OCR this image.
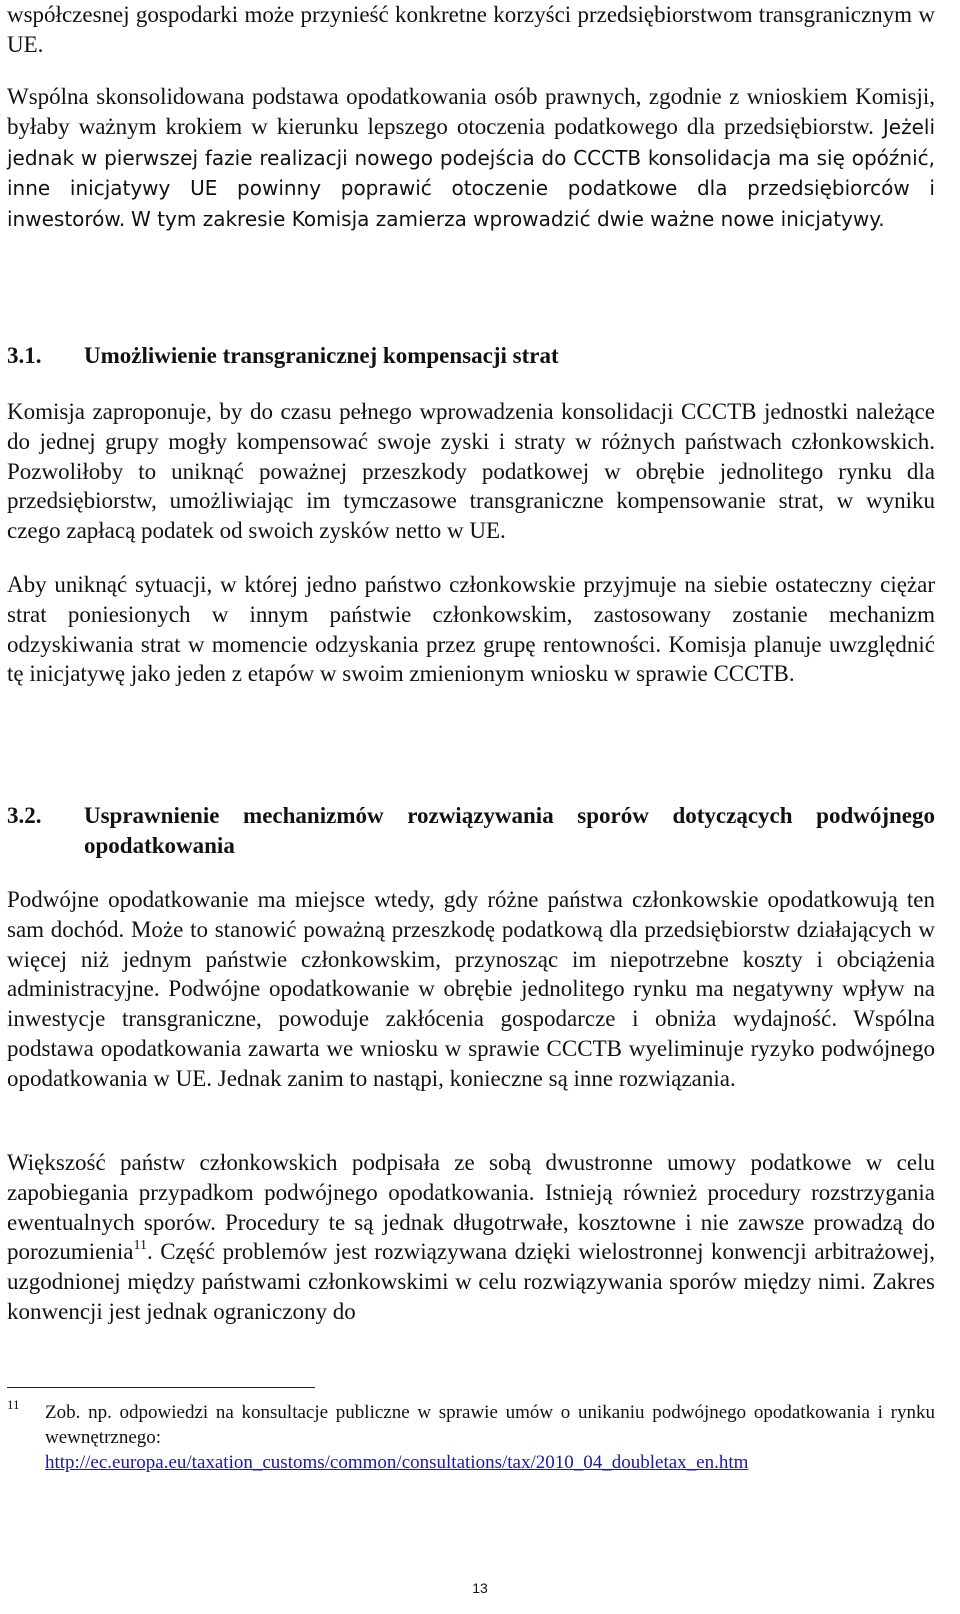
współczesnej gospodarki może przynieść konkretne korzyści przedsiębiorstwom transgranicznym w UE.

Wspólna skonsolidowana podstawa opodatkowania osób prawnych, zgodnie z wnioskiem Komisji, byłaby ważnym krokiem w kierunku lepszego otoczenia podatkowego dla przedsiębiorstw. Jeżeli jednak w pierwszej fazie realizacji nowego podejścia do CCCTB konsolidacja ma się opóźnić, inne inicjatywy UE powinny poprawić otoczenie podatkowe dla przedsiębiorców i inwestorów. W tym zakresie Komisja zamierza wprowadzić dwie ważne nowe inicjatywy.

3.1. Umożliwienie transgranicznej kompensacji strat

Komisja zaproponuje, by do czasu pełnego wprowadzenia konsolidacji CCCTB jednostki należące do jednej grupy mogły kompensować swoje zyski i straty w różnych państwach członkowskich. Pozwoliłoby to uniknąć poważnej przeszkody podatkowej w obrębie jednolitego rynku dla przedsiębiorstw, umożliwiając im tymczasowe transgraniczne kompensowanie strat, w wyniku czego zapłacą podatek od swoich zysków netto w UE.

Aby uniknąć sytuacji, w której jedno państwo członkowskie przyjmuje na siebie ostateczny ciężar strat poniesionych w innym państwie członkowskim, zastosowany zostanie mechanizm odzyskiwania strat w momencie odzyskania przez grupę rentowności. Komisja planuje uwzględnić tę inicjatywę jako jeden z etapów w swoim zmienionym wniosku w sprawie CCCTB.

3.2. Usprawnienie mechanizmów rozwiązywania sporów dotyczących podwójnego opodatkowania

Podwójne opodatkowanie ma miejsce wtedy, gdy różne państwa członkowskie opodatkowują ten sam dochód. Może to stanowić poważną przeszkodę podatkową dla przedsiębiorstw działających w więcej niż jednym państwie członkowskim, przynosząc im niepotrzebne koszty i obciążenia administracyjne. Podwójne opodatkowanie w obrębie jednolitego rynku ma negatywny wpływ na inwestycje transgraniczne, powoduje zakłócenia gospodarcze i obniża wydajność. Wspólna podstawa opodatkowania zawarta we wniosku w sprawie CCCTB wyeliminuje ryzyko podwójnego opodatkowania w UE. Jednak zanim to nastąpi, konieczne są inne rozwiązania.

Większość państw członkowskich podpisała ze sobą dwustronne umowy podatkowe w celu zapobiegania przypadkom podwójnego opodatkowania. Istnieją również procedury rozstrzygania ewentualnych sporów. Procedury te są jednak długotrwałe, kosztowne i nie zawsze prowadzą do porozumienia$^{11}$. Część problemów jest rozwiązywana dzięki wielostronnej konwencji arbitrażowej, uzgodnionej między państwami członkowskimi w celu rozwiązywania sporów między nimi. Zakres konwencji jest jednak ograniczony do

11 Zob. np. odpowiedzi na konsultacje publiczne w sprawie umów o unikaniu podwójnego opodatkowania i rynku wewnętrznego:
http://ec.europa.eu/taxation_customs/common/consultations/tax/2010_04_doubletax_en.htm
13
